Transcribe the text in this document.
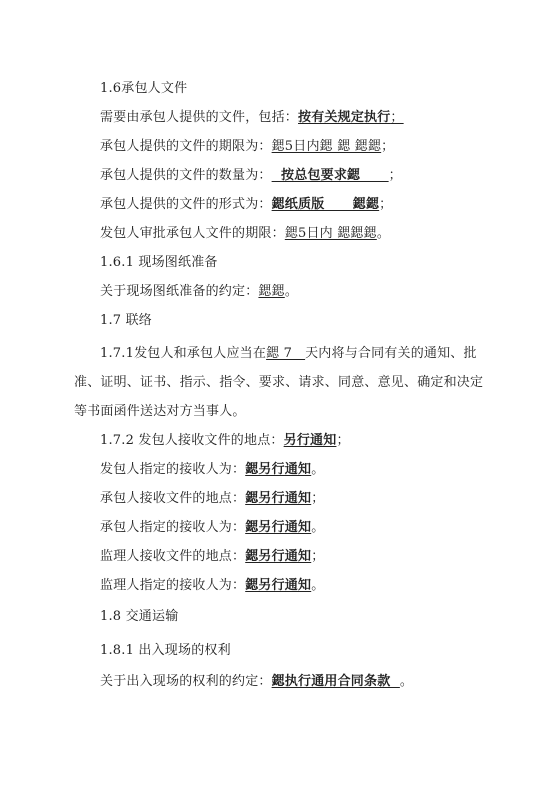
1.6承包人文件
需要由承包人提供的文件，包括：按有关规定执行；
承包人提供的文件的期限为：鍶5日内鍶 鍶 鍶鍶；
承包人提供的文件的数量为：  按总包要求鍶      ；
承包人提供的文件的形式为：鍶纸质版      鍶鍶；
发包人审批承包人文件的期限：鍶5日内 鍶鍶鍶。
1.6.1 现场图纸准备
关于现场图纸准备的约定：鍶鍶。
1.7 联络
1.7.1发包人和承包人应当在鍶 7   天内将与合同有关的通知、批
准、证明、证书、指示、指令、要求、请求、同意、意见、确定和决定
等书面函件送达对方当事人。
1.7.2 发包人接收文件的地点：另行通知；
发包人指定的接收人为：鍶另行通知。
承包人接收文件的地点：鍶另行通知；
承包人指定的接收人为：鍶另行通知。
监理人接收文件的地点：鍶另行通知；
监理人指定的接收人为：鍶另行通知。
1.8 交通运输
1.8.1 出入现场的权利
关于出入现场的权利的约定：鍶执行通用合同条款  。
